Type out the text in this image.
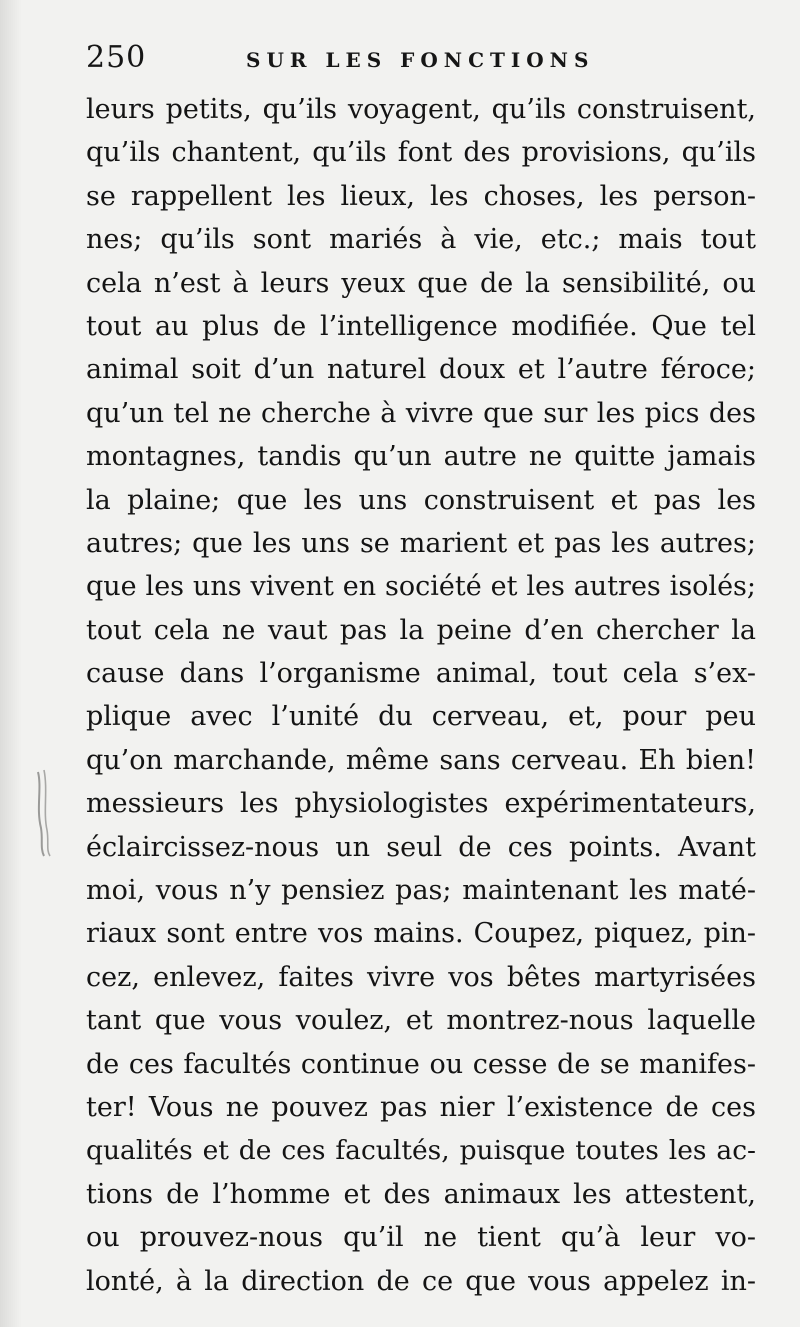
250	SUR LES FONCTIONS
leurs petits, qu’ils voyagent, qu’ils construisent,
qu’ils chantent, qu’ils font des provisions, qu’ils
se rappellent les lieux, les choses, les person-
nes; qu’ils sont mariés à vie, etc.; mais tout
cela n’est à leurs yeux que de la sensibilité, ou
tout au plus de l’intelligence modifiée. Que tel
animal soit d’un naturel doux et l’autre féroce;
qu’un tel ne cherche à vivre que sur les pics des
montagnes, tandis qu’un autre ne quitte jamais
la plaine; que les uns construisent et pas les
autres; que les uns se marient et pas les autres;
que les uns vivent en société et les autres isolés;
tout cela ne vaut pas la peine d’en chercher la
cause dans l’organisme animal, tout cela s’ex-
plique avec l’unité du cerveau, et, pour peu
qu’on marchande, même sans cerveau. Eh bien!
messieurs les physiologistes expérimentateurs,
éclaircissez-nous un seul de ces points. Avant
moi, vous n’y pensiez pas; maintenant les maté-
riaux sont entre vos mains. Coupez, piquez, pin-
cez, enlevez, faites vivre vos bêtes martyrisées
tant que vous voulez, et montrez-nous laquelle
de ces facultés continue ou cesse de se manifes-
ter! Vous ne pouvez pas nier l’existence de ces
qualités et de ces facultés, puisque toutes les ac-
tions de l’homme et des animaux les attestent,
ou prouvez-nous qu’il ne tient qu’à leur vo-
lonté, à la direction de ce que vous appelez in-
